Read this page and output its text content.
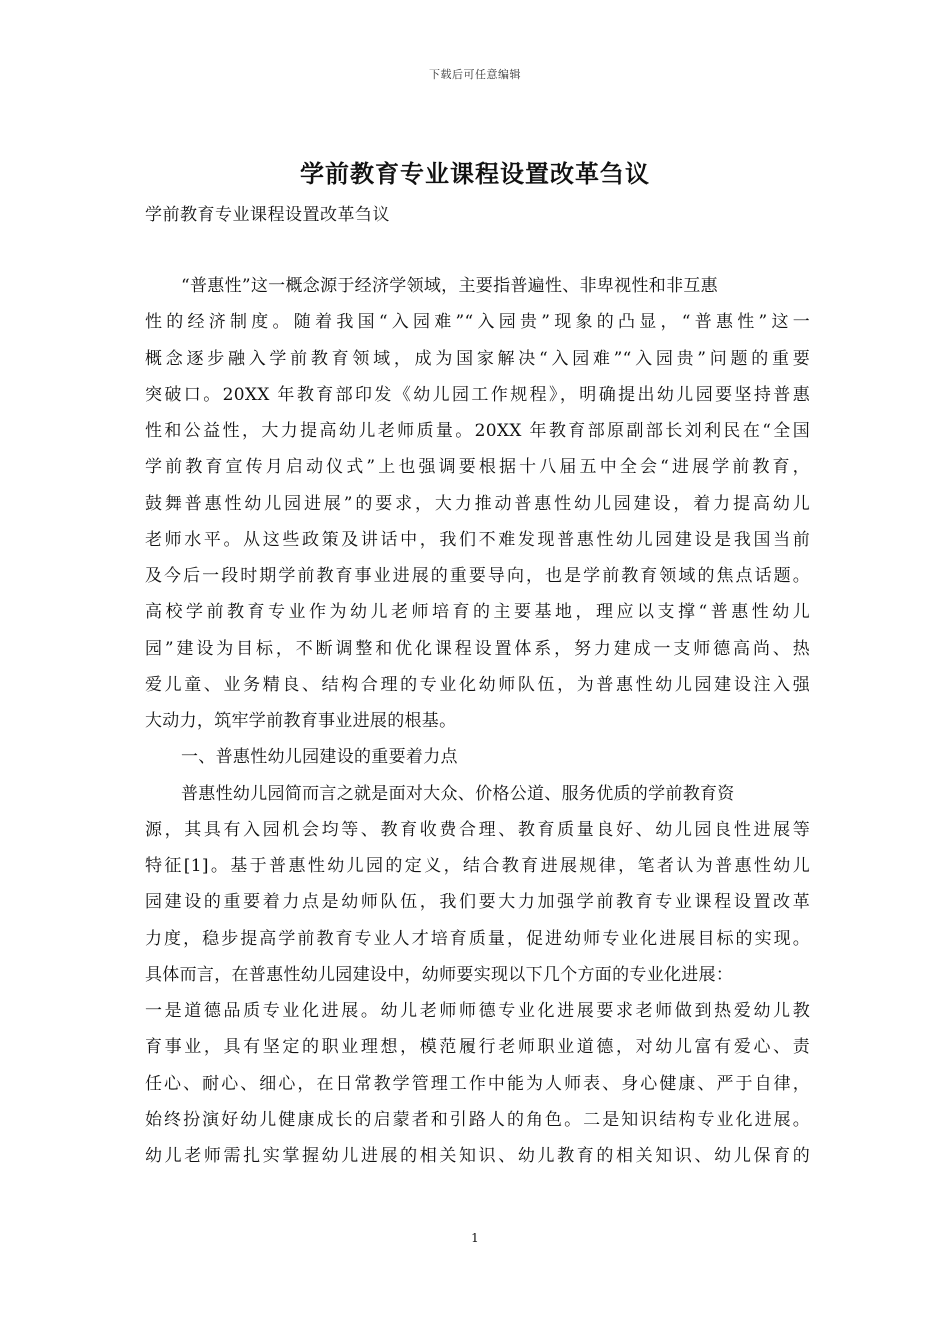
下载后可任意编辑
学前教育专业课程设置改革刍议
学前教育专业课程设置改革刍议
“普惠性”这一概念源于经济学领域，主要指普遍性、非卑视性和非互惠
性的经济制度。随着我国“入园难”“入园贵”现象的凸显，“普惠性”这一
概念逐步融入学前教育领域，成为国家解决“入园难”“入园贵”问题的重要
突破口。20XX 年教育部印发《幼儿园工作规程》，明确提出幼儿园要坚持普惠
性和公益性，大力提高幼儿老师质量。20XX 年教育部原副部长刘利民在“全国
学前教育宣传月启动仪式”上也强调要根据十八届五中全会“进展学前教育，
鼓舞普惠性幼儿园进展”的要求，大力推动普惠性幼儿园建设，着力提高幼儿
老师水平。从这些政策及讲话中，我们不难发现普惠性幼儿园建设是我国当前
及今后一段时期学前教育事业进展的重要导向，也是学前教育领域的焦点话题。
高校学前教育专业作为幼儿老师培育的主要基地，理应以支撑“普惠性幼儿
园”建设为目标，不断调整和优化课程设置体系，努力建成一支师德高尚、热
爱儿童、业务精良、结构合理的专业化幼师队伍，为普惠性幼儿园建设注入强
大动力，筑牢学前教育事业进展的根基。
一、普惠性幼儿园建设的重要着力点
普惠性幼儿园简而言之就是面对大众、价格公道、服务优质的学前教育资
源，其具有入园机会均等、教育收费合理、教育质量良好、幼儿园良性进展等
特征[1]。基于普惠性幼儿园的定义，结合教育进展规律，笔者认为普惠性幼儿
园建设的重要着力点是幼师队伍，我们要大力加强学前教育专业课程设置改革
力度，稳步提高学前教育专业人才培育质量，促进幼师专业化进展目标的实现。
具体而言，在普惠性幼儿园建设中，幼师要实现以下几个方面的专业化进展：
一是道德品质专业化进展。幼儿老师师德专业化进展要求老师做到热爱幼儿教
育事业，具有坚定的职业理想，模范履行老师职业道德，对幼儿富有爱心、责
任心、耐心、细心，在日常教学管理工作中能为人师表、身心健康、严于自律，
始终扮演好幼儿健康成长的启蒙者和引路人的角色。二是知识结构专业化进展。
幼儿老师需扎实掌握幼儿进展的相关知识、幼儿教育的相关知识、幼儿保育的
1
